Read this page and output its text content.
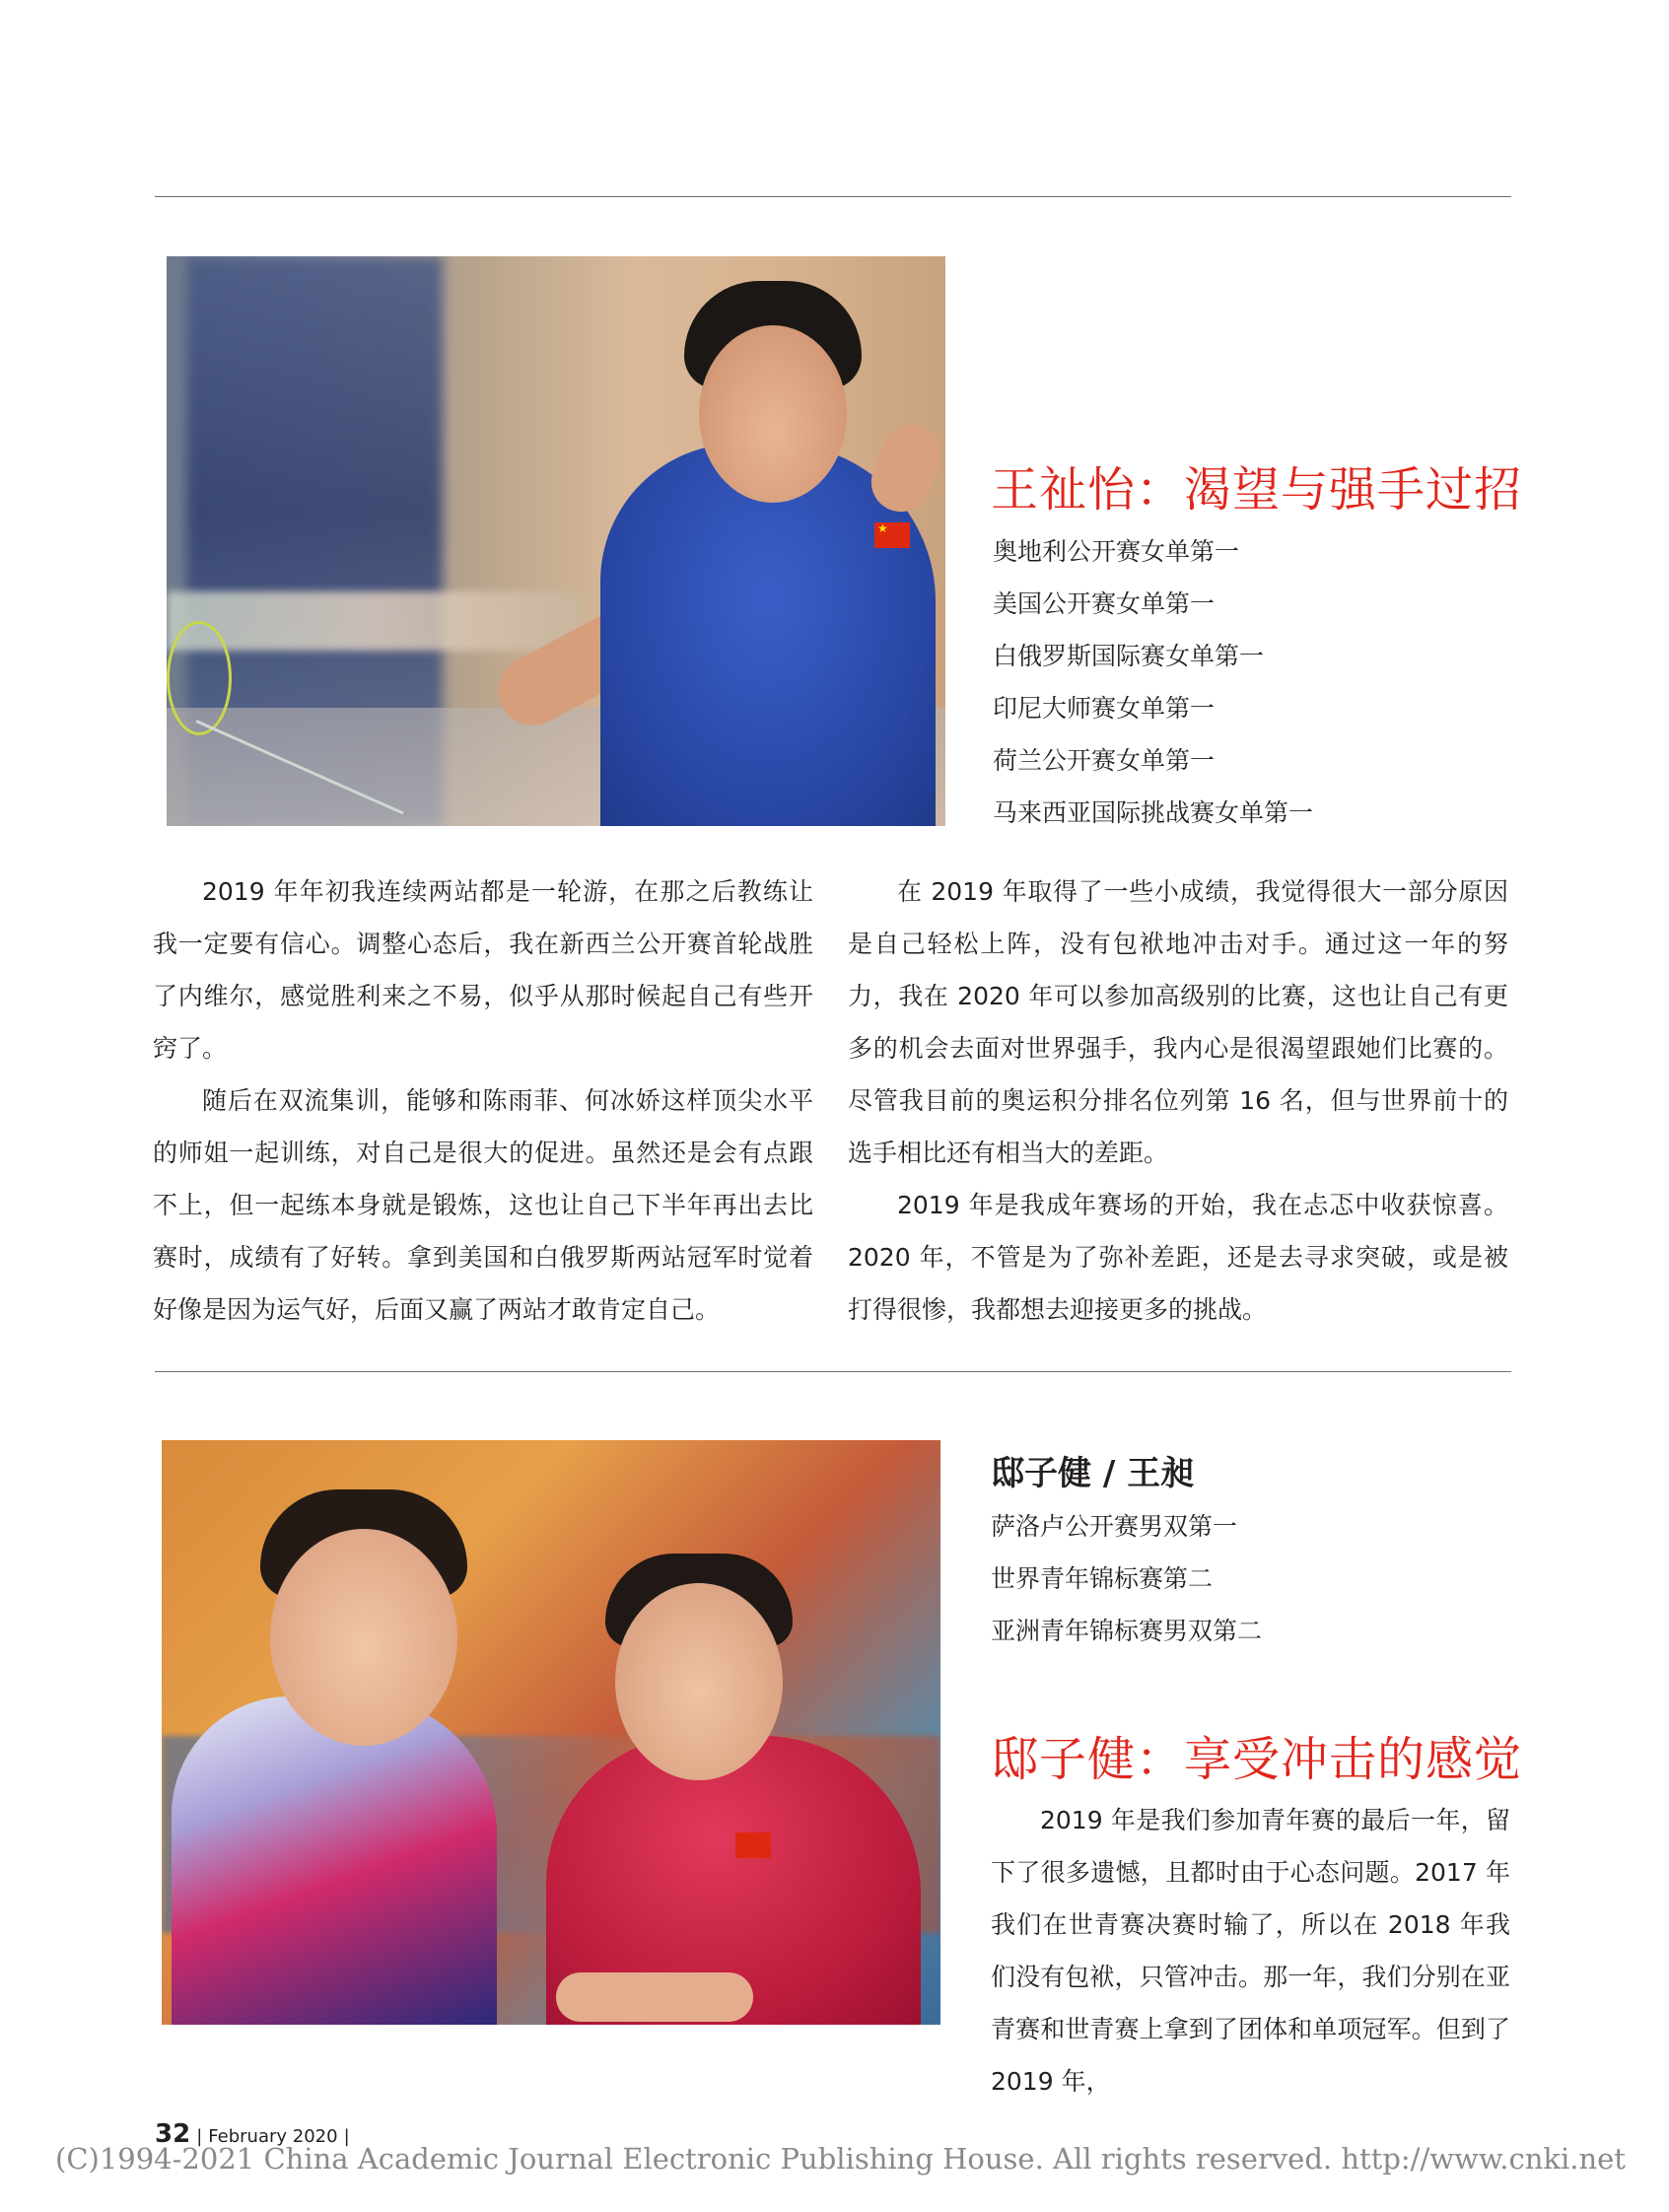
★
王祉怡：渴望与强手过招
奥地利公开赛女单第一
美国公开赛女单第一
白俄罗斯国际赛女单第一
印尼大师赛女单第一
荷兰公开赛女单第一
马来西亚国际挑战赛女单第一

2019 年年初我连续两站都是一轮游，在那之后教练让我一定要有信心。调整心态后，我在新西兰公开赛首轮战胜了内维尔，感觉胜利来之不易，似乎从那时候起自己有些开窍了。

随后在双流集训，能够和陈雨菲、何冰娇这样顶尖水平的师姐一起训练，对自己是很大的促进。虽然还是会有点跟不上，但一起练本身就是锻炼，这也让自己下半年再出去比赛时，成绩有了好转。拿到美国和白俄罗斯两站冠军时觉着好像是因为运气好，后面又赢了两站才敢肯定自己。

在 2019 年取得了一些小成绩，我觉得很大一部分原因是自己轻松上阵，没有包袱地冲击对手。通过这一年的努力，我在 2020 年可以参加高级别的比赛，这也让自己有更多的机会去面对世界强手，我内心是很渴望跟她们比赛的。尽管我目前的奥运积分排名位列第 16 名，但与世界前十的选手相比还有相当大的差距。

2019 年是我成年赛场的开始，我在忐忑中收获惊喜。2020 年，不管是为了弥补差距，还是去寻求突破，或是被打得很惨，我都想去迎接更多的挑战。

邸子健 / 王昶
萨洛卢公开赛男双第一
世界青年锦标赛第二
亚洲青年锦标赛男双第二
邸子健：享受冲击的感觉

2019 年是我们参加青年赛的最后一年，留下了很多遗憾，且都时由于心态问题。2017 年我们在世青赛决赛时输了，所以在 2018 年我们没有包袱，只管冲击。那一年，我们分别在亚青赛和世青赛上拿到了团体和单项冠军。但到了 2019 年，

32 | February 2020 |
(C)1994-2021 China Academic Journal Electronic Publishing House. All rights reserved. http://www.cnki.net
